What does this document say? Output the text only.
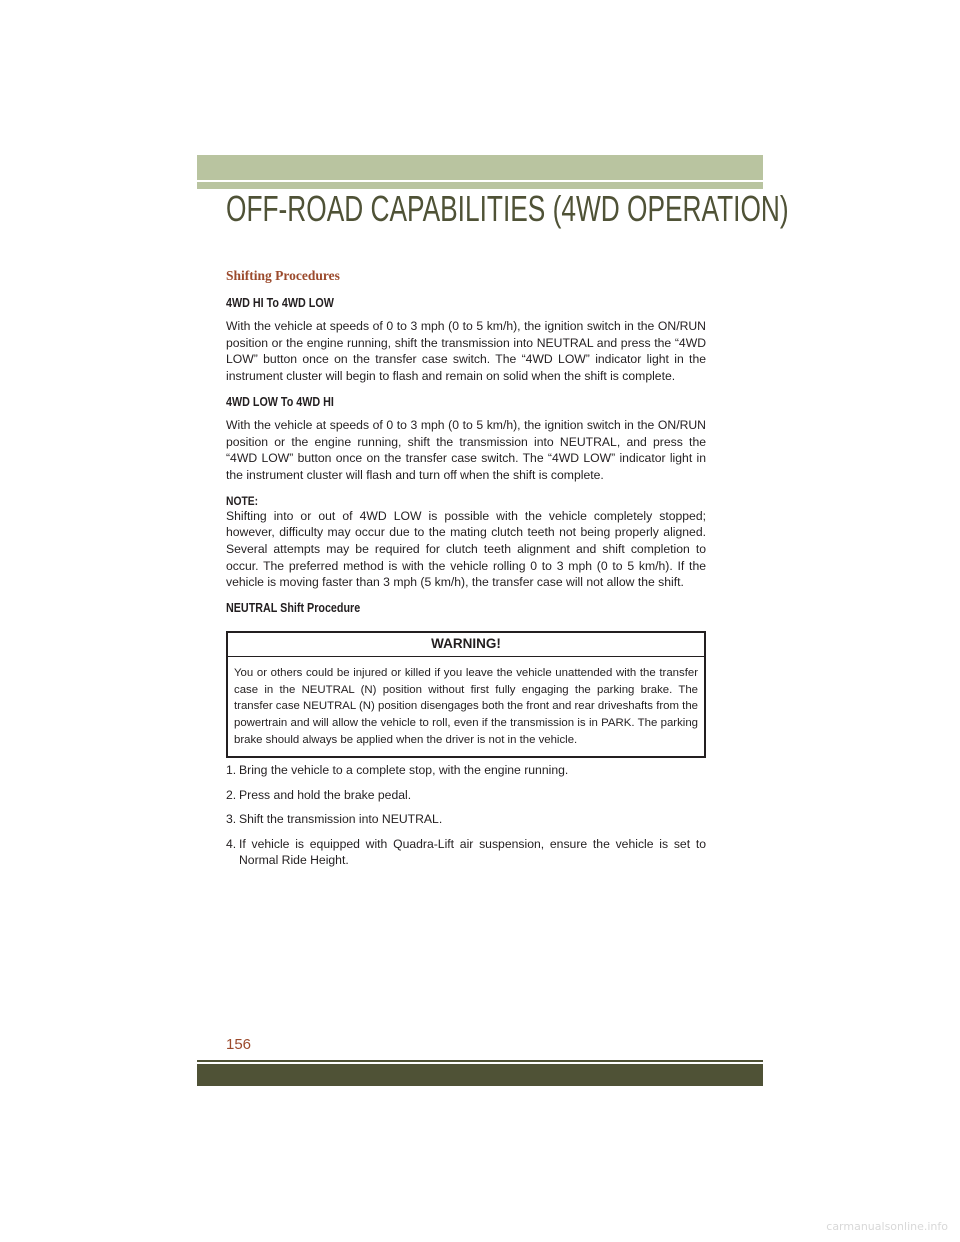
OFF-ROAD CAPABILITIES (4WD OPERATION)
Shifting Procedures
4WD HI To 4WD LOW

With the vehicle at speeds of 0 to 3 mph (0 to 5 km/h), the ignition switch in the ON/RUN position or the engine running, shift the transmission into NEUTRAL and press the “4WD LOW” button once on the transfer case switch. The “4WD LOW” indicator light in the instrument cluster will begin to flash and remain on solid when the shift is complete.

4WD LOW To 4WD HI

With the vehicle at speeds of 0 to 3 mph (0 to 5 km/h), the ignition switch in the ON/RUN position or the engine running, shift the transmission into NEUTRAL, and press the “4WD LOW” button once on the transfer case switch. The “4WD LOW” indicator light in the instrument cluster will flash and turn off when the shift is complete.

NOTE:

Shifting into or out of 4WD LOW is possible with the vehicle completely stopped; however, difficulty may occur due to the mating clutch teeth not being properly aligned. Several attempts may be required for clutch teeth alignment and shift completion to occur. The preferred method is with the vehicle rolling 0 to 3 mph (0 to 5 km/h). If the vehicle is moving faster than 3 mph (5 km/h), the transfer case will not allow the shift.

NEUTRAL Shift Procedure
WARNING!
You or others could be injured or killed if you leave the vehicle unattended with the transfer case in the NEUTRAL (N) position without first fully engaging the parking brake. The transfer case NEUTRAL (N) position disengages both the front and rear driveshafts from the powertrain and will allow the vehicle to roll, even if the transmission is in PARK. The parking brake should always be applied when the driver is not in the vehicle.
1. Bring the vehicle to a complete stop, with the engine running.
2. Press and hold the brake pedal.
3. Shift the transmission into NEUTRAL.
4. If vehicle is equipped with Quadra-Lift air suspension, ensure the vehicle is set to Normal Ride Height.
156
carmanualsonline.info
